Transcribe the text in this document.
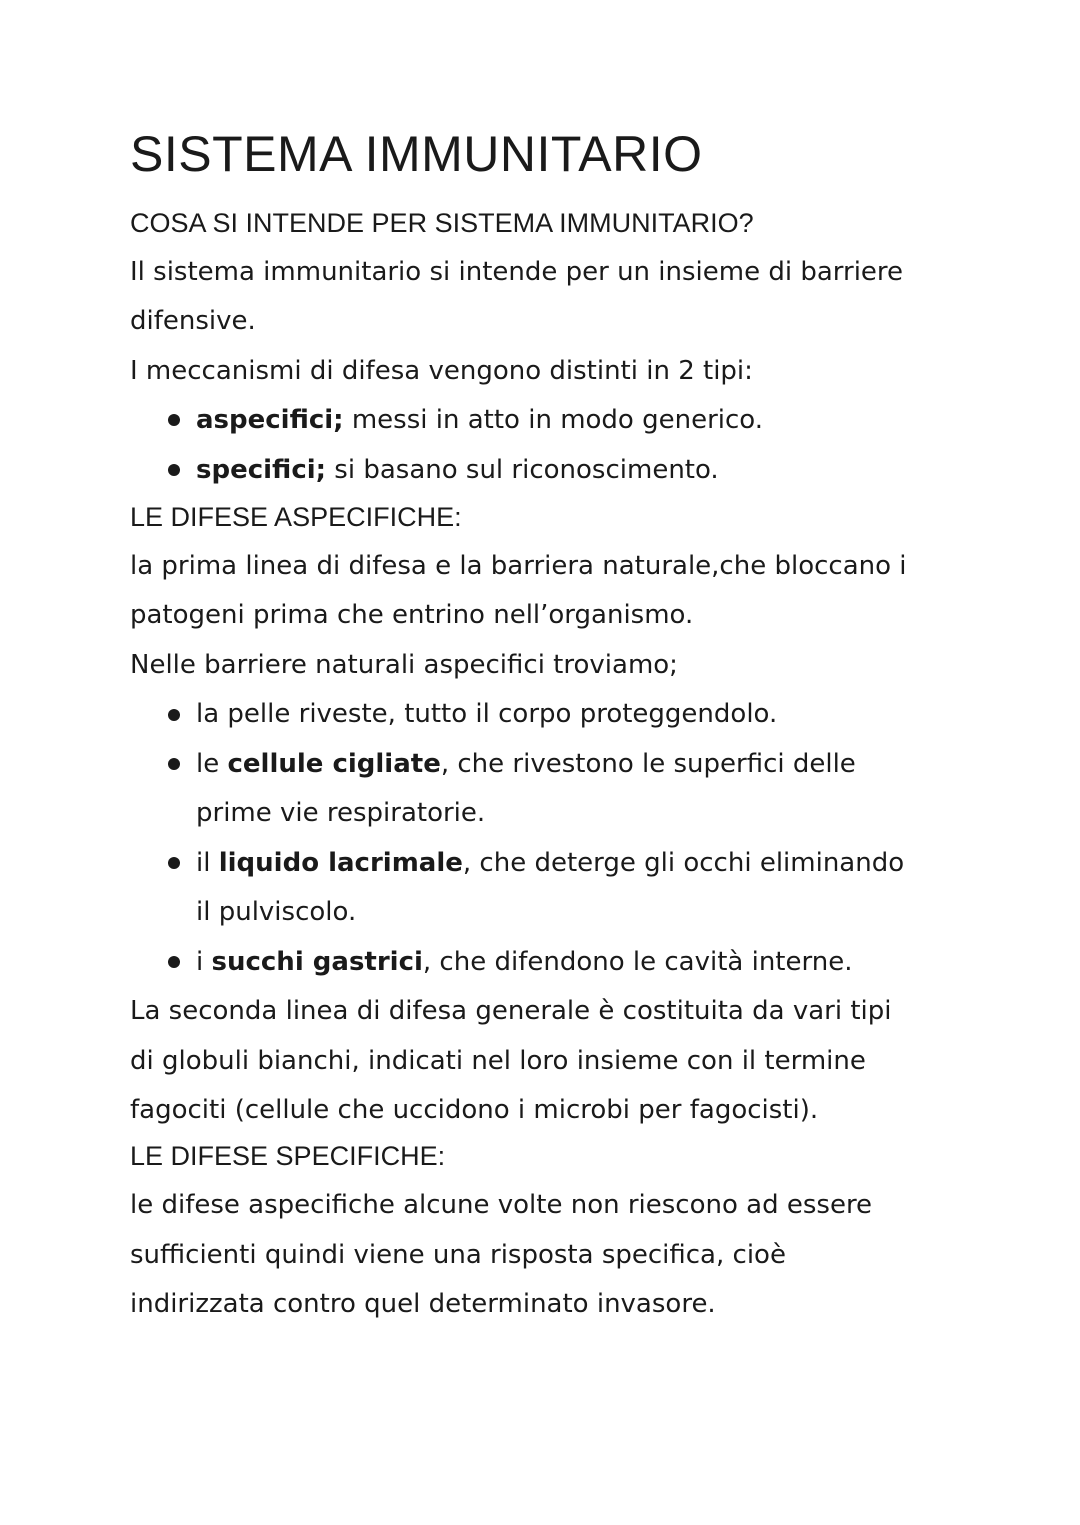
SISTEMA IMMUNITARIO

COSA SI INTENDE PER SISTEMA IMMUNITARIO?

Il sistema immunitario si intende per un insieme di barriere

difensive.

I meccanismi di difesa vengono distinti in 2 tipi:

aspecifici; messi in atto in modo generico.

specifici; si basano sul riconoscimento.

LE DIFESE ASPECIFICHE:

la prima linea di difesa e la barriera naturale,che bloccano i

patogeni prima che entrino nell’organismo.

Nelle barriere naturali aspecifici troviamo;

la pelle riveste, tutto il corpo proteggendolo.

le cellule cigliate, che rivestono le superfici delle

prime vie respiratorie.

il liquido lacrimale, che deterge gli occhi eliminando

il pulviscolo.

i succhi gastrici, che difendono le cavità interne.

La seconda linea di difesa generale è costituita da vari tipi

di globuli bianchi, indicati nel loro insieme con il termine

fagociti (cellule che uccidono i microbi per fagocisti).

LE DIFESE SPECIFICHE:

le difese aspecifiche alcune volte non riescono ad essere

sufficienti quindi viene una risposta specifica, cioè

indirizzata contro quel determinato invasore.
